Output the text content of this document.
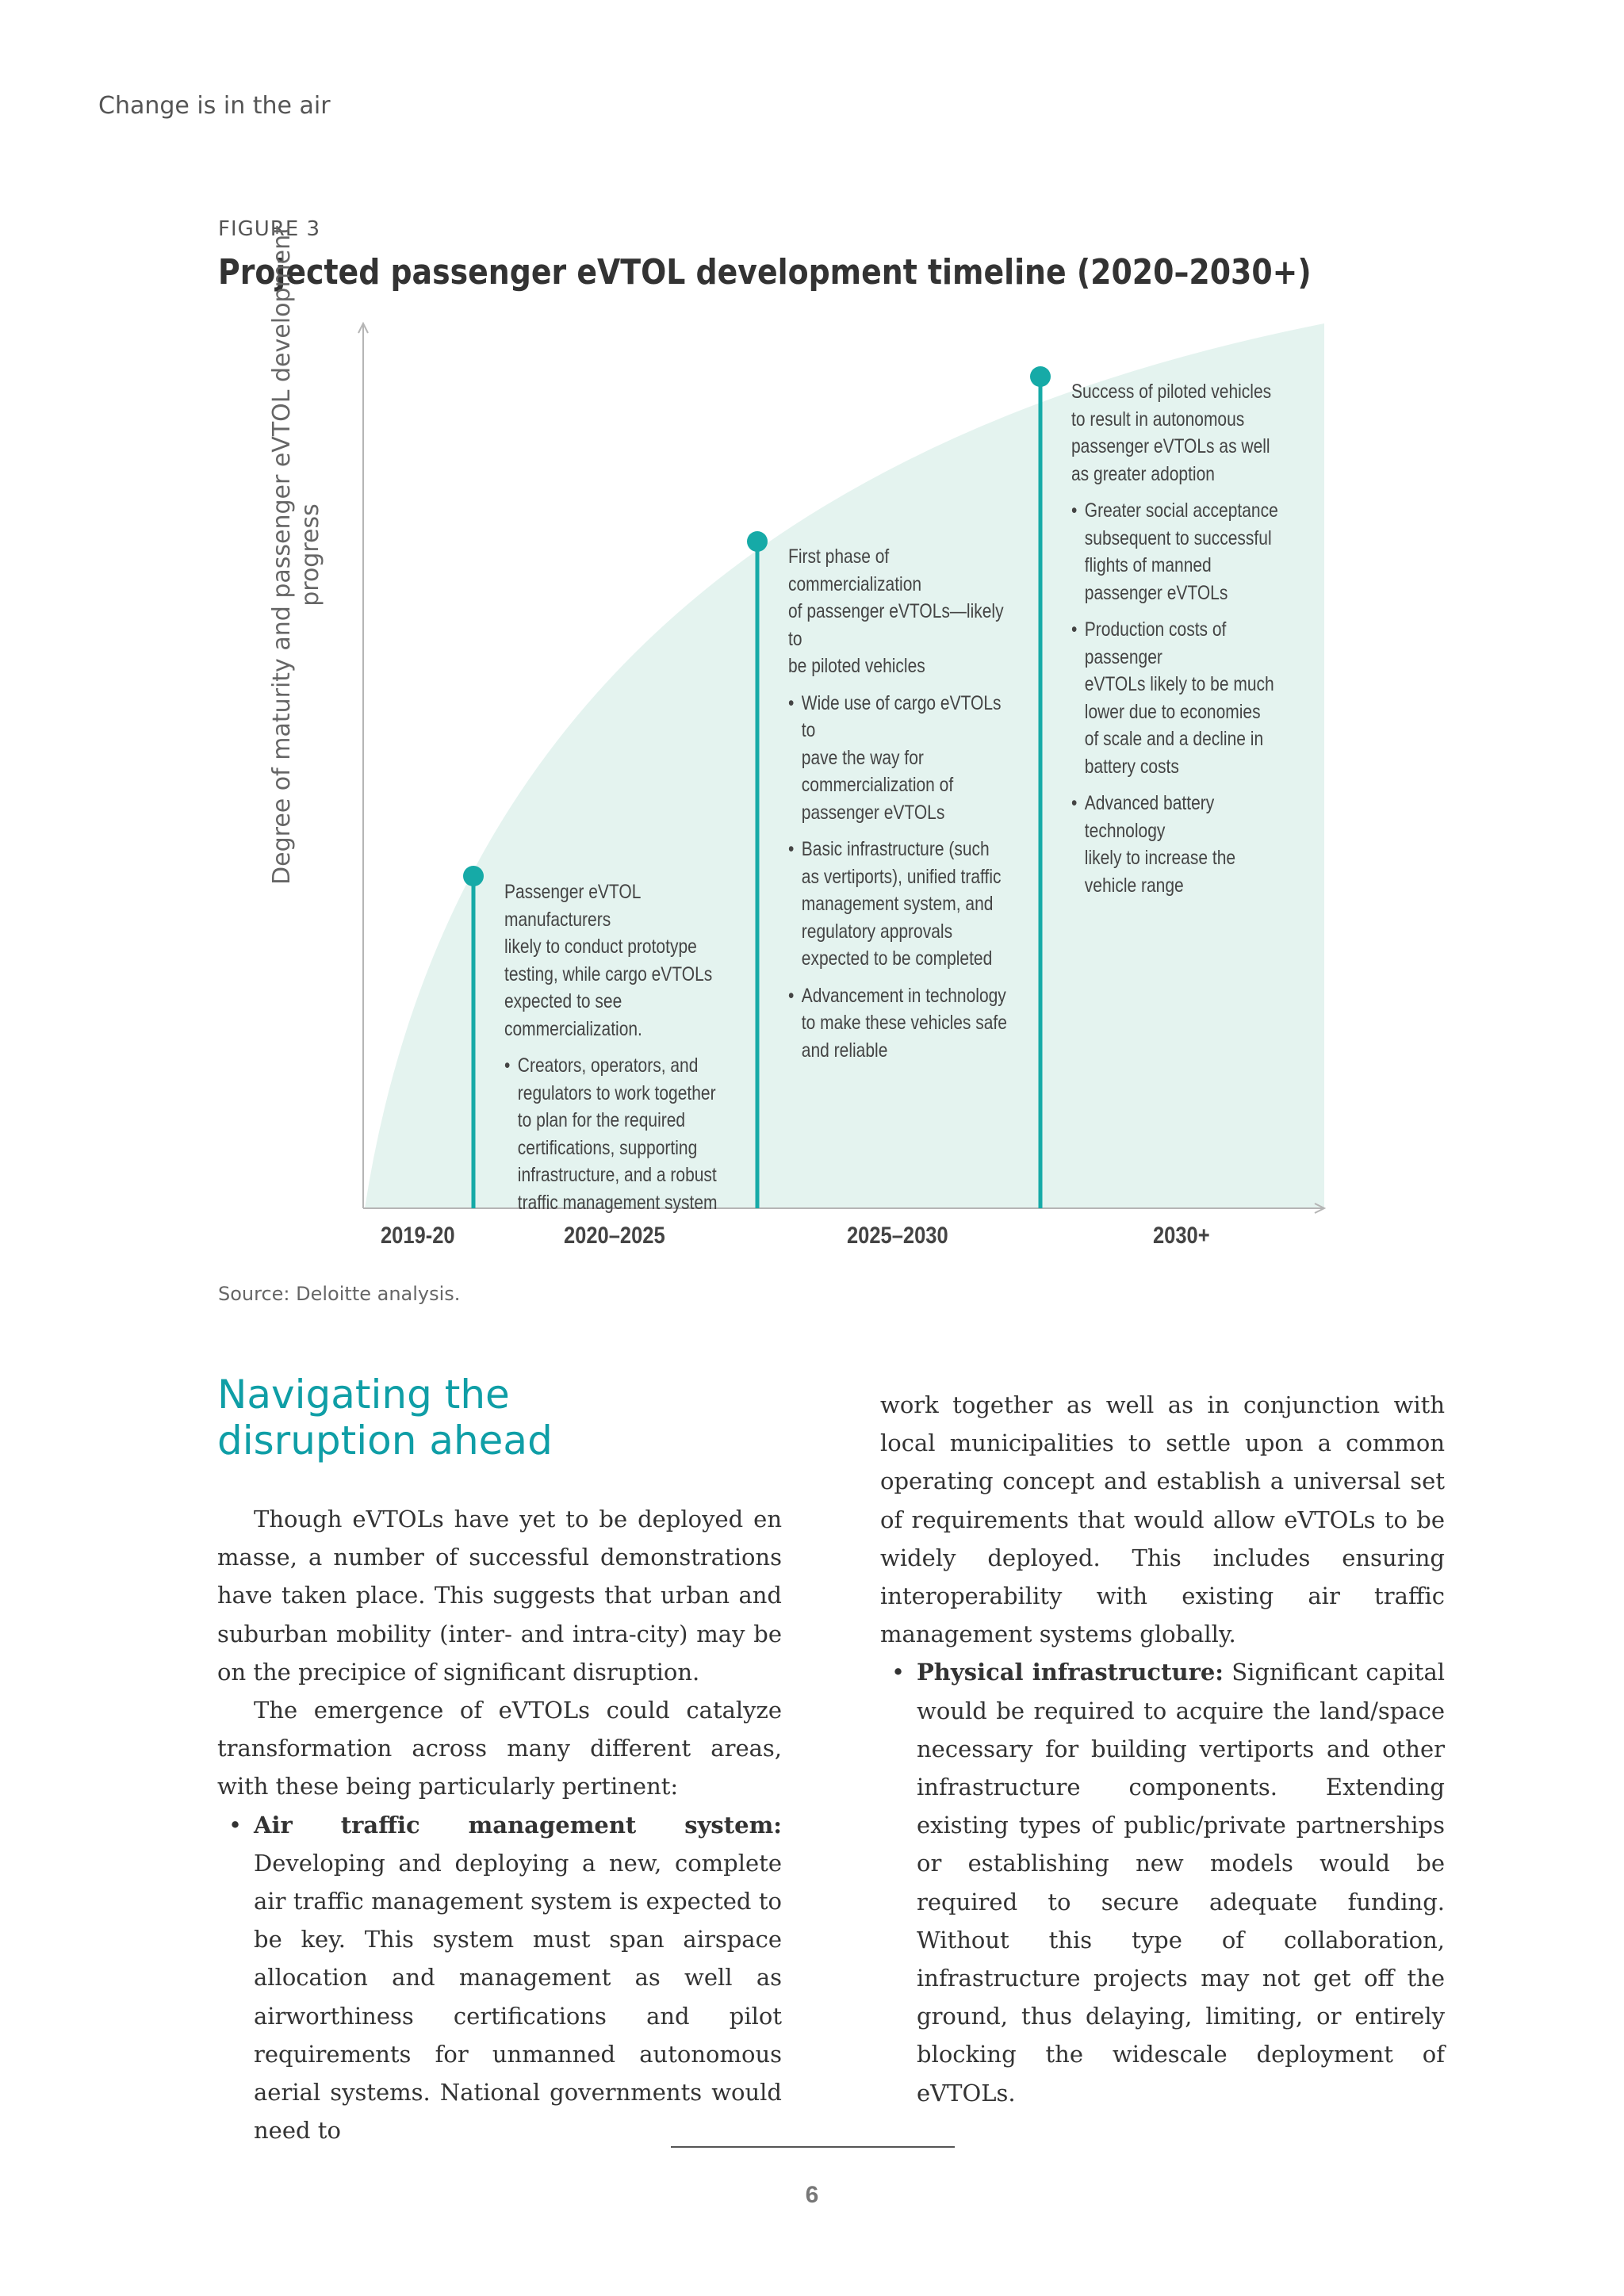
Change is in the air
FIGURE 3
Projected passenger eVTOL development timeline (2020–2030+)
Degree of maturity and passenger eVTOL development progress
Passenger eVTOL manufacturers
likely to conduct prototype
testing, while cargo eVTOLs
expected to see
commercialization.
• Creators, operators, and
regulators to work together
to plan for the required
certifications, supporting
infrastructure, and a robust
traffic management system
First phase of commercialization
of passenger eVTOLs—likely to
be piloted vehicles
• Wide use of cargo eVTOLs to
pave the way for
commercialization of
passenger eVTOLs
• Basic infrastructure (such
as vertiports), unified traffic
management system, and
regulatory approvals
expected to be completed
• Advancement in technology
to make these vehicles safe
and reliable
Success of piloted vehicles
to result in autonomous
passenger eVTOLs as well
as greater adoption
• Greater social acceptance
subsequent to successful
flights of manned
passenger eVTOLs
• Production costs of passenger
eVTOLs likely to be much
lower due to economies
of scale and a decline in
battery costs
• Advanced battery technology
likely to increase the
vehicle range
2019-20	2020–2025	2025–2030	2030+
Source: Deloitte analysis.
Navigating the
disruption ahead

Though eVTOLs have yet to be deployed en masse, a number of successful demonstrations have taken place. This suggests that urban and suburban mobility (inter- and intra-city) may be on the precipice of significant disruption.

The emergence of eVTOLs could catalyze transformation across many different areas, with these being particularly pertinent:

• Air traffic management system: Developing and deploying a new, complete air traffic management system is expected to be key. This system must span airspace allocation and management as well as airworthiness certifications and pilot requirements for unmanned autonomous aerial systems. National governments would need to
work together as well as in conjunction with local municipalities to settle upon a common operating concept and establish a universal set of requirements that would allow eVTOLs to be widely deployed. This includes ensuring interoperability with existing air traffic management systems globally.
• Physical infrastructure: Significant capital would be required to acquire the land/space necessary for building vertiports and other infrastructure components. Extending existing types of public/private partnerships or establishing new models would be required to secure adequate funding. Without this type of collaboration, infrastructure projects may not get off the ground, thus delaying, limiting, or entirely blocking the widescale deployment of eVTOLs.
6
